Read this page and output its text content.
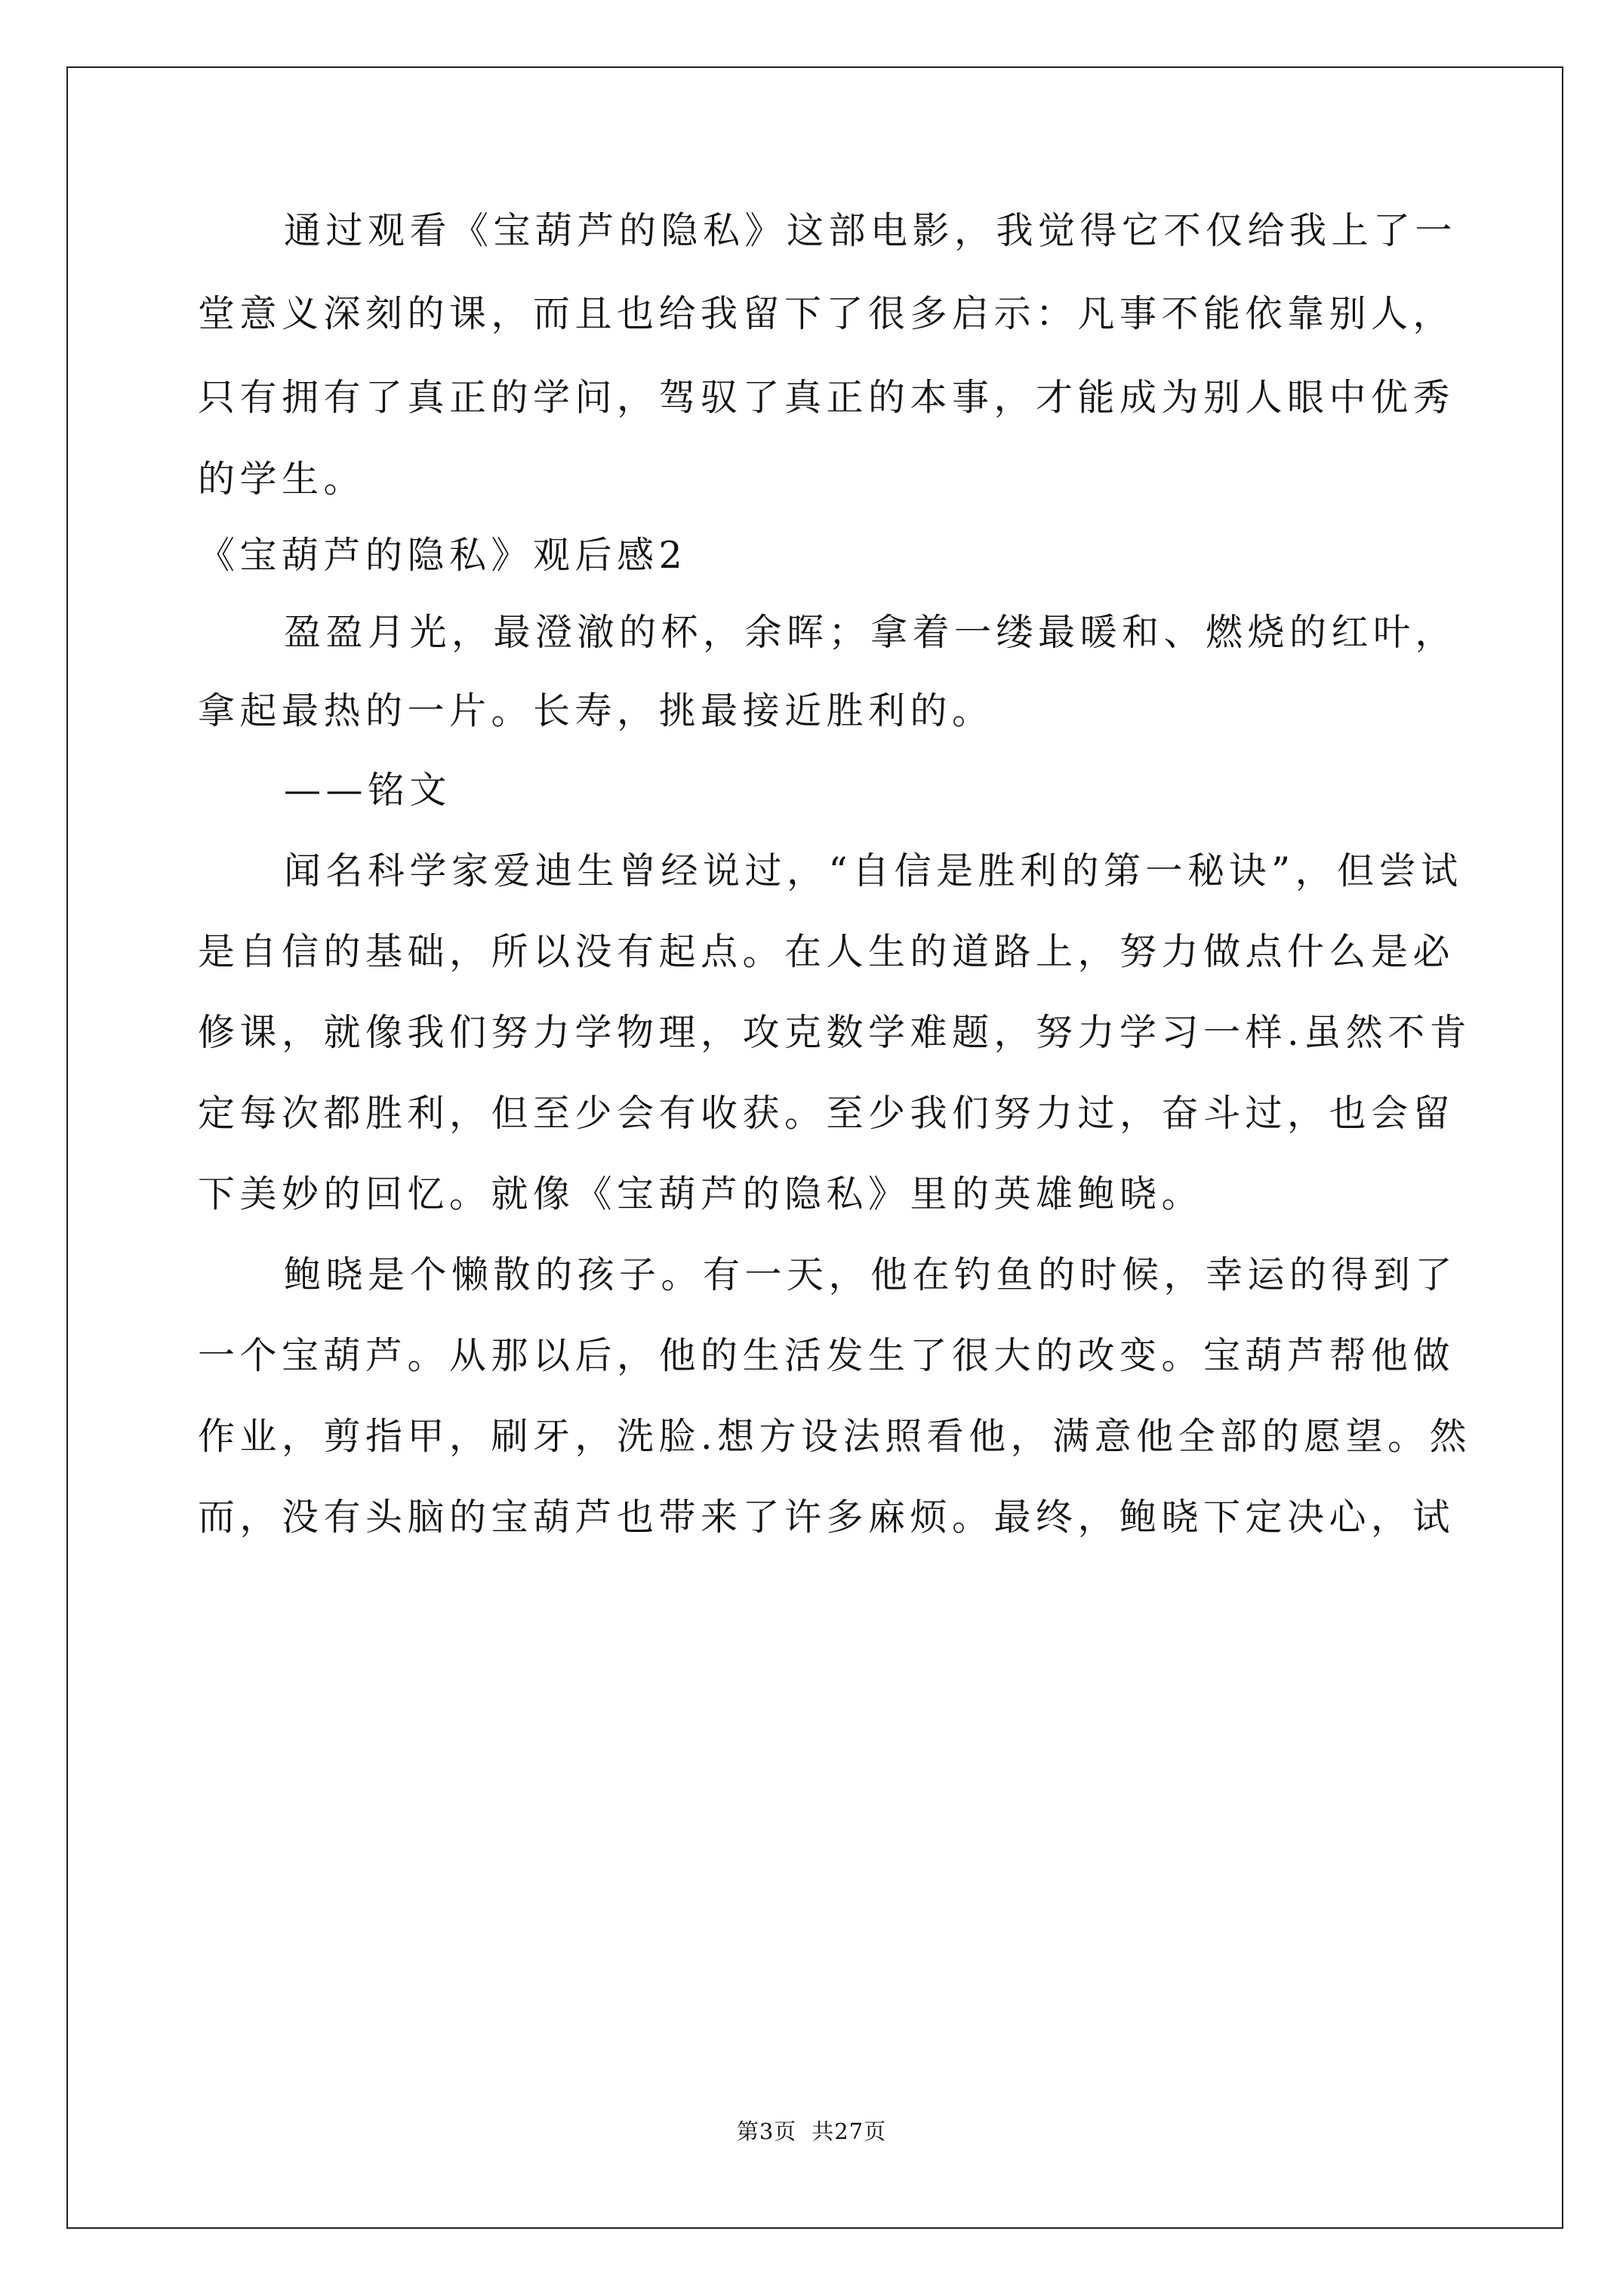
通过观看《宝葫芦的隐私》这部电影，我觉得它不仅给我上了一
堂意义深刻的课，而且也给我留下了很多启示：凡事不能依靠别人，
只有拥有了真正的学问，驾驭了真正的本事，才能成为别人眼中优秀
的学生。
《宝葫芦的隐私》观后感2
盈盈月光，最澄澈的杯，余晖；拿着一缕最暖和、燃烧的红叶，
拿起最热的一片。长寿，挑最接近胜利的。
——铭文
闻名科学家爱迪生曾经说过，“自信是胜利的第一秘诀”，但尝试
是自信的基础，所以没有起点。在人生的道路上，努力做点什么是必
修课，就像我们努力学物理，攻克数学难题，努力学习一样.虽然不肯
定每次都胜利，但至少会有收获。至少我们努力过，奋斗过，也会留
下美妙的回忆。就像《宝葫芦的隐私》里的英雄鲍晓。
鲍晓是个懒散的孩子。有一天，他在钓鱼的时候，幸运的得到了
一个宝葫芦。从那以后，他的生活发生了很大的改变。宝葫芦帮他做
作业，剪指甲，刷牙，洗脸.想方设法照看他，满意他全部的愿望。然
而，没有头脑的宝葫芦也带来了许多麻烦。最终，鲍晓下定决心，试
第3页 共27页
